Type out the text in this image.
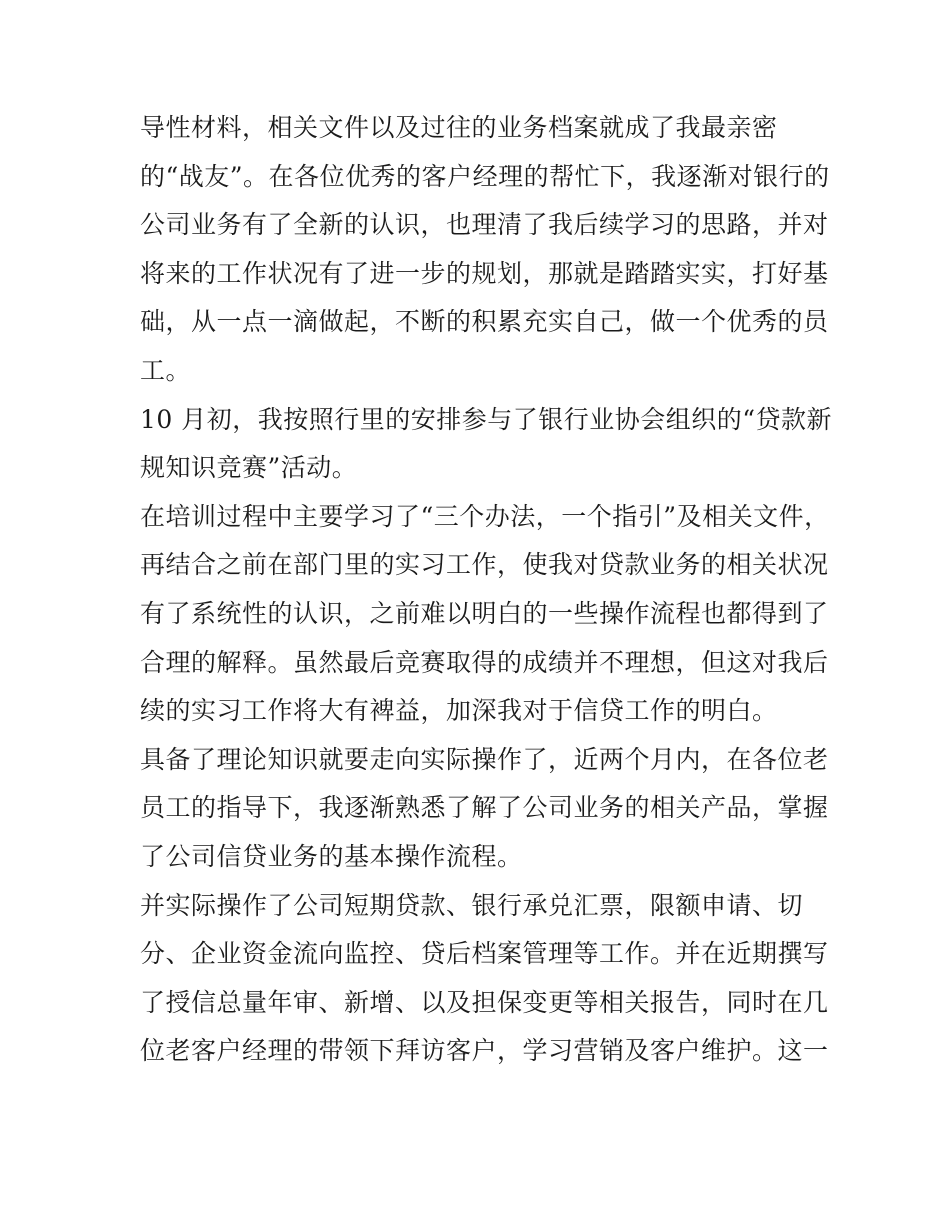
导性材料，相关文件以及过往的业务档案就成了我最亲密
的“战友”。在各位优秀的客户经理的帮忙下，我逐渐对银行的
公司业务有了全新的认识，也理清了我后续学习的思路，并对
将来的工作状况有了进一步的规划，那就是踏踏实实，打好基
础，从一点一滴做起，不断的积累充实自己，做一个优秀的员
工。
10 月初，我按照行里的安排参与了银行业协会组织的“贷款新
规知识竞赛”活动。
在培训过程中主要学习了“三个办法，一个指引”及相关文件，
再结合之前在部门里的实习工作，使我对贷款业务的相关状况
有了系统性的认识，之前难以明白的一些操作流程也都得到了
合理的解释。虽然最后竞赛取得的成绩并不理想，但这对我后
续的实习工作将大有裨益，加深我对于信贷工作的明白。
具备了理论知识就要走向实际操作了，近两个月内，在各位老
员工的指导下，我逐渐熟悉了解了公司业务的相关产品，掌握
了公司信贷业务的基本操作流程。
并实际操作了公司短期贷款、银行承兑汇票，限额申请、切
分、企业资金流向监控、贷后档案管理等工作。并在近期撰写
了授信总量年审、新增、以及担保变更等相关报告，同时在几
位老客户经理的带领下拜访客户，学习营销及客户维护。这一
